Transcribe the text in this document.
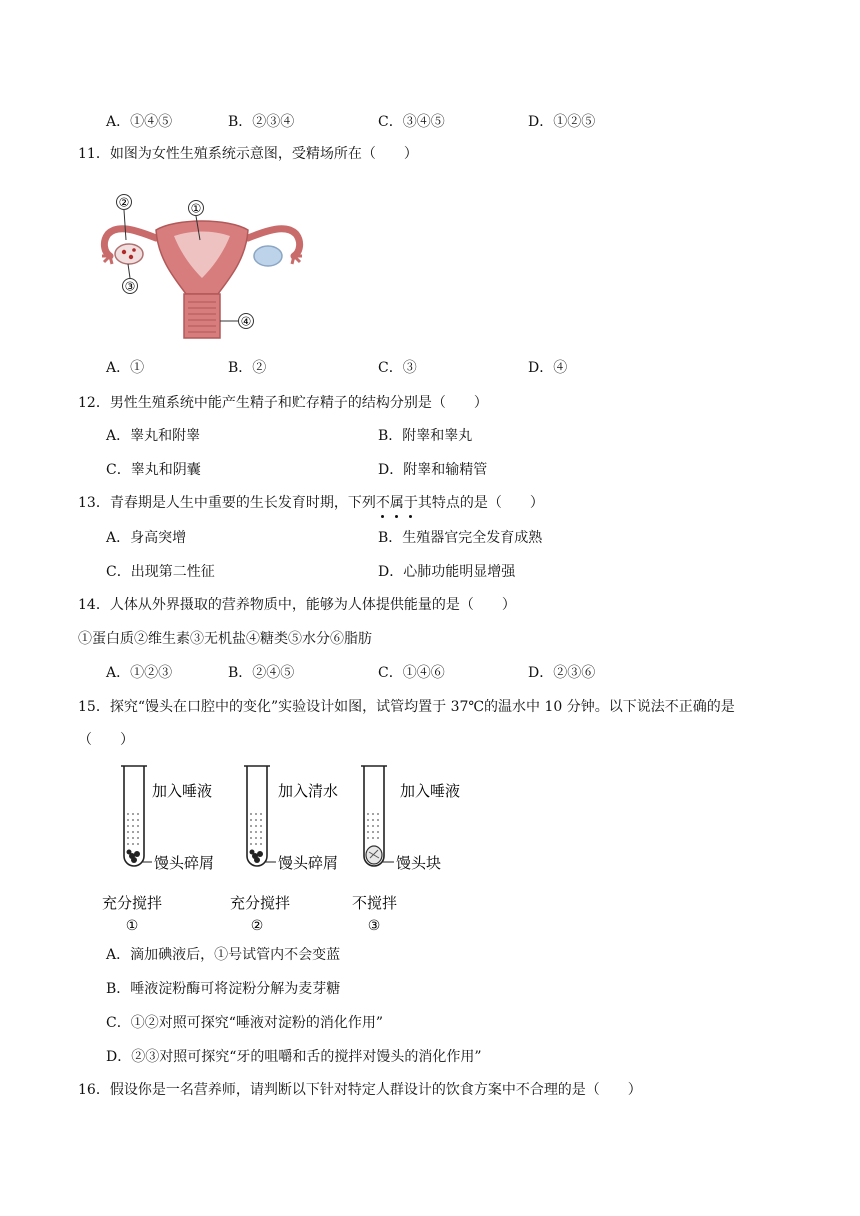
A．①④⑤	B．②③④	C．③④⑤	D．①②⑤
11．如图为女性生殖系统示意图，受精场所在（　　）
②	①
③
④
A．①	B．②	C．③	D．④
12．男性生殖系统中能产生精子和贮存精子的结构分别是（　　）
A．睾丸和附睾	B．附睾和睾丸
C．睾丸和阴囊	D．附睾和输精管
13．青春期是人生中重要的生长发育时期，下列不属于其特点的是（　　）
A．身高突增	B．生殖器官完全发育成熟
C．出现第二性征	D．心肺功能明显增强
14．人体从外界摄取的营养物质中，能够为人体提供能量的是（　　）
①蛋白质②维生素③无机盐④糖类⑤水分⑥脂肪
A．①②③	B．②④⑤	C．①④⑥	D．②③⑥
15．探究“馒头在口腔中的变化”实验设计如图，试管均置于 37℃的温水中 10 分钟。以下说法不正确的是
（　　）
加入唾液
馒头碎屑
充分搅拌
①
加入清水
馒头碎屑
充分搅拌
②
加入唾液
馒头块
不搅拌
③
A．滴加碘液后，①号试管内不会变蓝
B．唾液淀粉酶可将淀粉分解为麦芽糖
C．①②对照可探究“唾液对淀粉的消化作用”
D．②③对照可探究“牙的咀嚼和舌的搅拌对馒头的消化作用”
16．假设你是一名营养师，请判断以下针对特定人群设计的饮食方案中不合理的是（　　）
